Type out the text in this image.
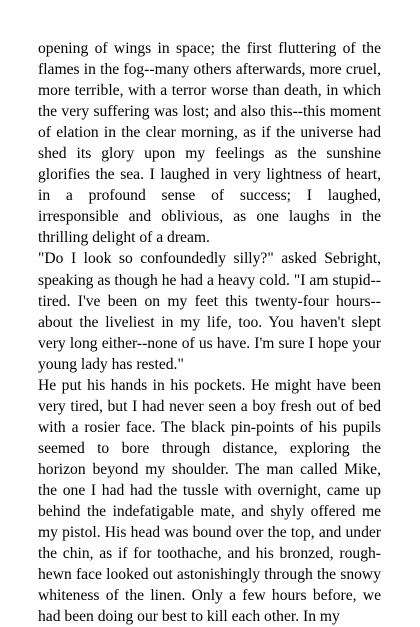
opening of wings in space; the first fluttering of the flames in the fog--many others afterwards, more cruel, more terrible, with a terror worse than death, in which the very suffering was lost; and also this--this moment of elation in the clear morning, as if the universe had shed its glory upon my feelings as the sunshine glorifies the sea. I laughed in very lightness of heart, in a profound sense of success; I laughed, irresponsible and oblivious, as one laughs in the thrilling delight of a dream.

"Do I look so confoundedly silly?" asked Sebright, speaking as though he had a heavy cold. "I am stupid--tired. I've been on my feet this twenty-four hours--about the liveliest in my life, too. You haven't slept very long either--none of us have. I'm sure I hope your young lady has rested."

He put his hands in his pockets. He might have been very tired, but I had never seen a boy fresh out of bed with a rosier face. The black pin-points of his pupils seemed to bore through distance, exploring the horizon beyond my shoulder. The man called Mike, the one I had had the tussle with overnight, came up behind the indefatigable mate, and shyly offered me my pistol. His head was bound over the top, and under the chin, as if for toothache, and his bronzed, rough-hewn face looked out astonishingly through the snowy whiteness of the linen. Only a few hours before, we had been doing our best to kill each other. In my
